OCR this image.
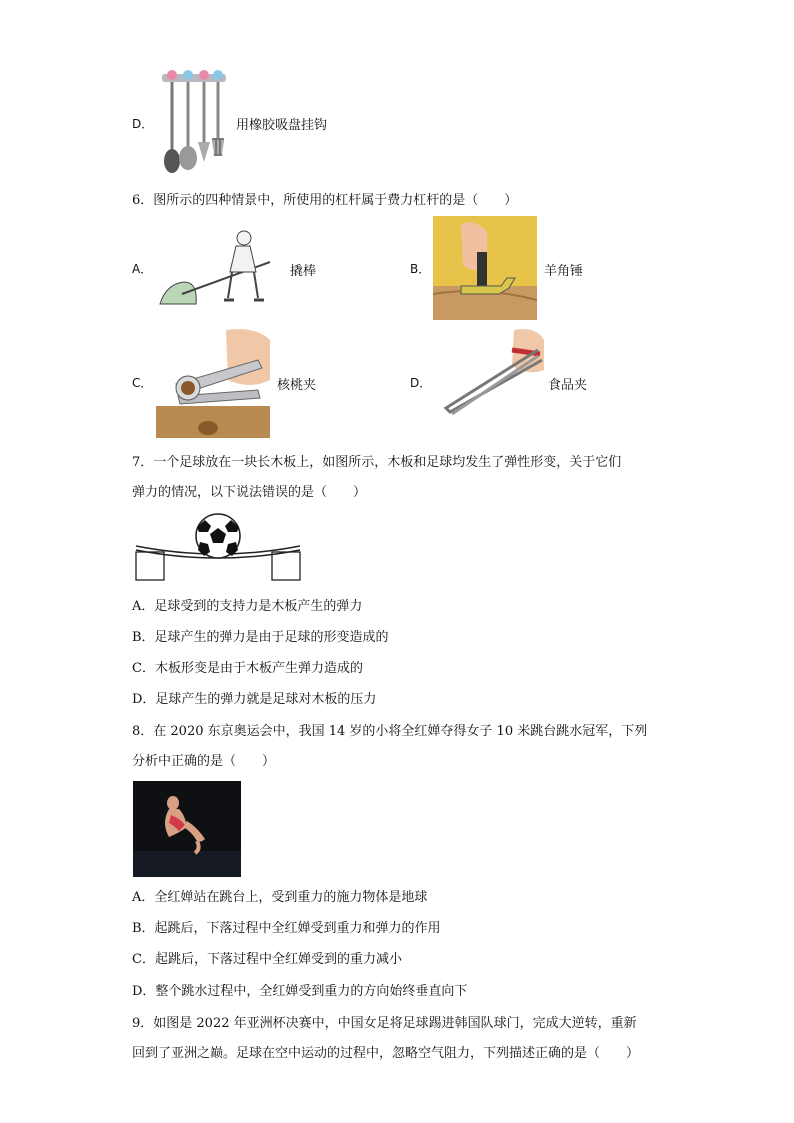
D．	用橡胶吸盘挂钩
6．图所示的四种情景中，所使用的杠杆属于费力杠杆的是（　　）
A．	撬棒	B．	羊角锤
C．	核桃夹	D．	食品夹
7．一个足球放在一块长木板上，如图所示，木板和足球均发生了弹性形变，关于它们
弹力的情况，以下说法错误的是（　　）
A．足球受到的支持力是木板产生的弹力
B．足球产生的弹力是由于足球的形变造成的
C．木板形变是由于木板产生弹力造成的
D．足球产生的弹力就是足球对木板的压力
8．在 2020 东京奥运会中，我国 14 岁的小将全红婵夺得女子 10 米跳台跳水冠军，下列
分析中正确的是（　　）
A．全红婵站在跳台上，受到重力的施力物体是地球
B．起跳后，下落过程中全红婵受到重力和弹力的作用
C．起跳后，下落过程中全红婵受到的重力减小
D．整个跳水过程中，全红婵受到重力的方向始终垂直向下
9．如图是 2022 年亚洲杯决赛中，中国女足将足球踢进韩国队球门，完成大逆转，重新
回到了亚洲之巅。足球在空中运动的过程中，忽略空气阻力，下列描述正确的是（　　）
